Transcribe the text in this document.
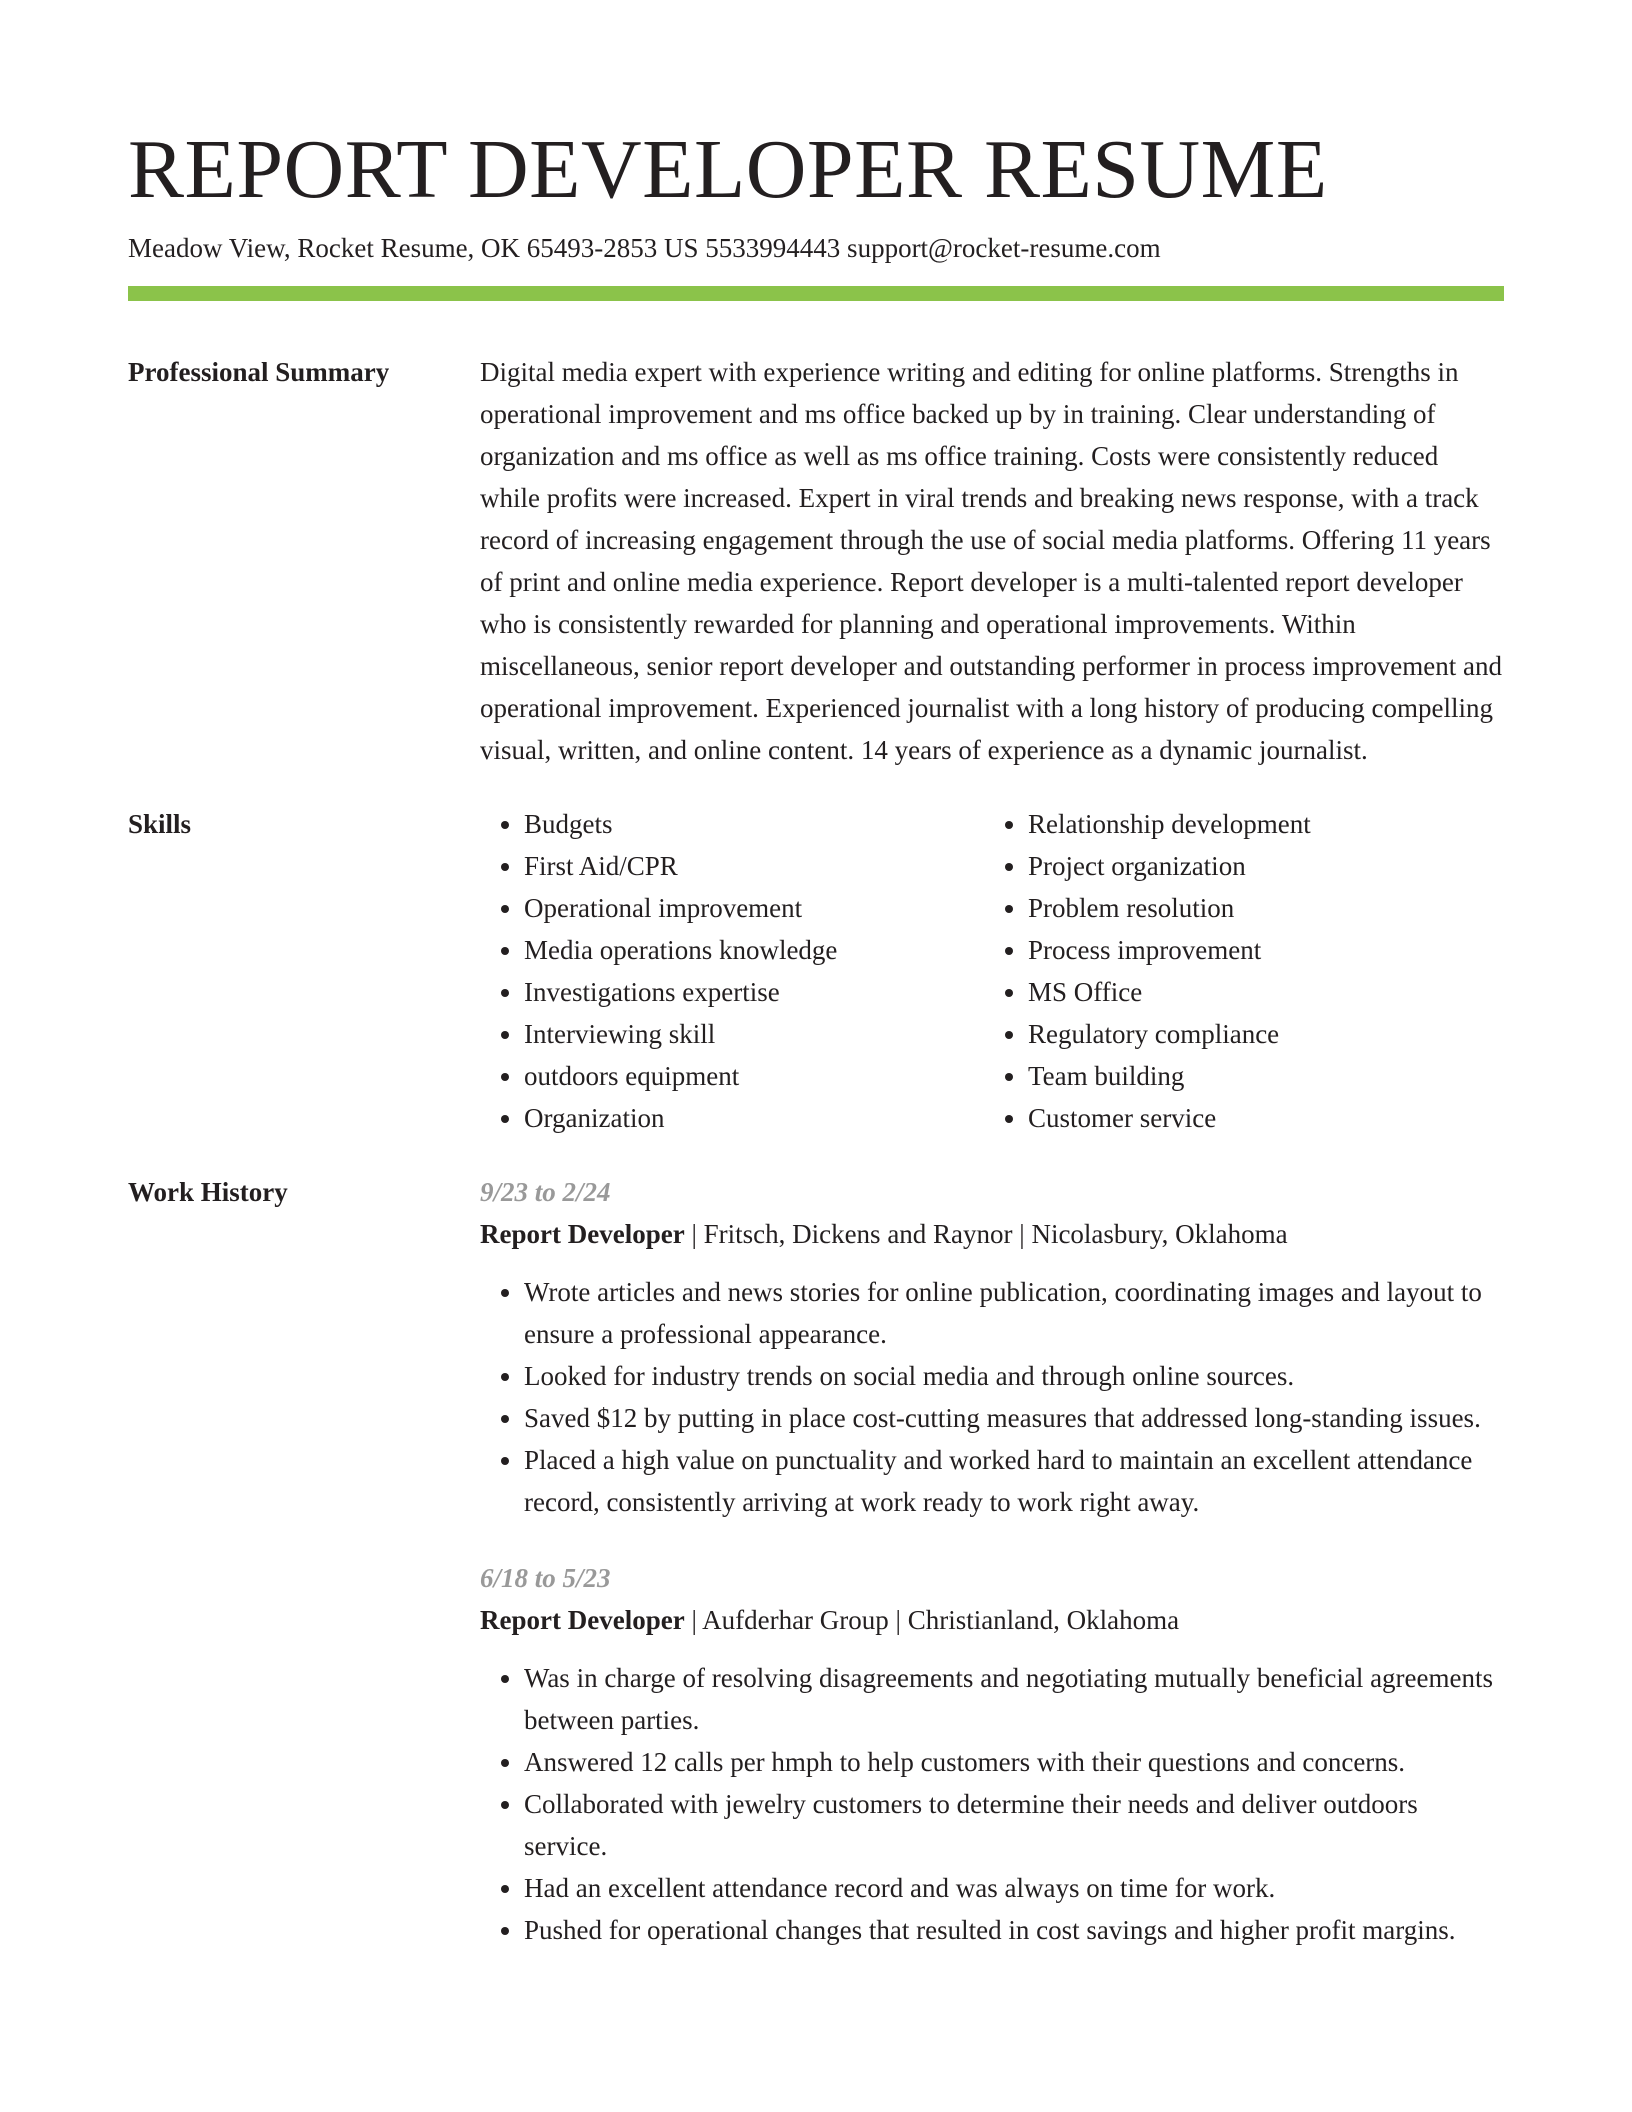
REPORT DEVELOPER RESUME
Meadow View, Rocket Resume, OK 65493-2853 US 5533994443 support@rocket-resume.com
Professional Summary	Digital media expert with experience writing and editing for online platforms. Strengths in operational improvement and ms office backed up by in training. Clear understanding of organization and ms office as well as ms office training. Costs were consistently reduced while profits were increased. Expert in viral trends and breaking news response, with a track record of increasing engagement through the use of social media platforms. Offering 11 years of print and online media experience. Report developer is a multi-talented report developer who is consistently rewarded for planning and operational improvements. Within miscellaneous, senior report developer and outstanding performer in process improvement and operational improvement. Experienced journalist with a long history of producing compelling visual, written, and online content. 14 years of experience as a dynamic journalist.
Skills
•	Budgets
• First Aid/CPR
• Operational improvement
• Media operations knowledge
• Investigations expertise
• Interviewing skill
• outdoors equipment
• Organization
• Relationship development
• Project organization
• Problem resolution
• Process improvement
• MS Office
• Regulatory compliance
• Team building
• Customer service
Work History	9/23 to 2/24
Report Developer | Fritsch, Dickens and Raynor | Nicolasbury, Oklahoma
• Wrote articles and news stories for online publication, coordinating images and layout to ensure a professional appearance.
• Looked for industry trends on social media and through online sources.
• Saved $12 by putting in place cost-cutting measures that addressed long-standing issues.
• Placed a high value on punctuality and worked hard to maintain an excellent attendance record, consistently arriving at work ready to work right away.
6/18 to 5/23
Report Developer | Aufderhar Group | Christianland, Oklahoma
• Was in charge of resolving disagreements and negotiating mutually beneficial agreements between parties.
• Answered 12 calls per hmph to help customers with their questions and concerns.
• Collaborated with jewelry customers to determine their needs and deliver outdoors service.
• Had an excellent attendance record and was always on time for work.
• Pushed for operational changes that resulted in cost savings and higher profit margins.
